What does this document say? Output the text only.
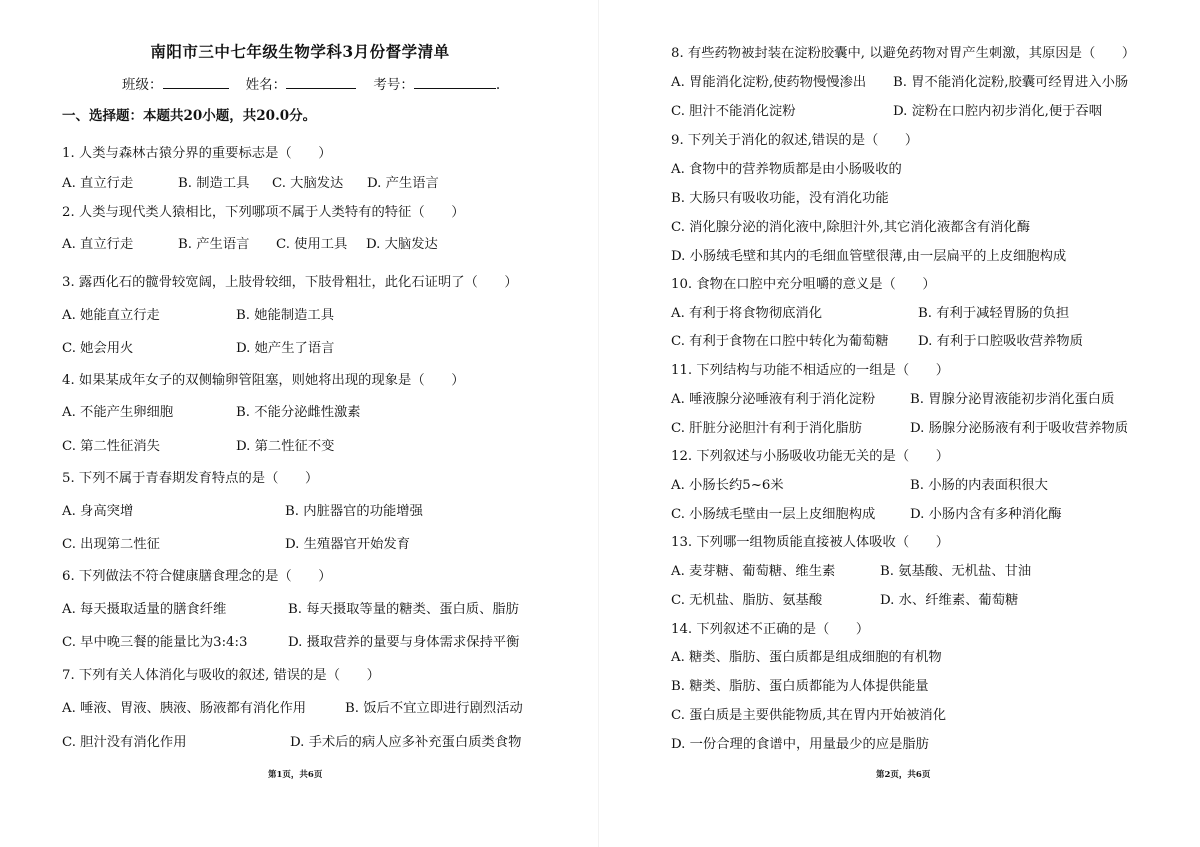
南阳市三中七年级生物学科3月份督学清单
班级：	姓名：	考号：	.
一、选择题：本题共20小题，共20.0分。
1. 人类与森林古猿分界的重要标志是（　　）
A. 直立行走	B. 制造工具 C. 大脑发达 D. 产生语言
2. 人类与现代类人猿相比，下列哪项不属于人类特有的特征（　　）
A. 直立行走	B. 产生语言 C. 使用工具 D. 大脑发达
3. 露西化石的髋骨较宽阔，上肢骨较细，下肢骨粗壮，此化石证明了（　　）
A. 她能直立行走	B. 她能制造工具
C. 她会用火	D. 她产生了语言
4. 如果某成年女子的双侧输卵管阻塞，则她将出现的现象是（　　）
A. 不能产生卵细胞	B. 不能分泌雌性激素
C. 第二性征消失	D. 第二性征不变
5. 下列不属于青春期发育特点的是（　　）
A. 身高突增	B. 内脏器官的功能增强
C. 出现第二性征	D. 生殖器官开始发育
6. 下列做法不符合健康膳食理念的是（　　）
A. 每天摄取适量的膳食纤维	B. 每天摄取等量的糖类、蛋白质、脂肪
C. 早中晚三餐的能量比为3:4:3	D. 摄取营养的量要与身体需求保持平衡
7. 下列有关人体消化与吸收的叙述, 错误的是（　　）
A. 唾液、胃液、胰液、肠液都有消化作用	B. 饭后不宜立即进行剧烈活动
C. 胆汁没有消化作用	D. 手术后的病人应多补充蛋白质类食物
第1页，共6页
8. 有些药物被封装在淀粉胶囊中, 以避免药物对胃产生刺激，其原因是（　　）
A. 胃能消化淀粉,使药物慢慢渗出 B. 胃不能消化淀粉,胶囊可经胃进入小肠
C. 胆汁不能消化淀粉	D. 淀粉在口腔内初步消化,便于吞咽
9. 下列关于消化的叙述,错误的是（　　）
A. 食物中的营养物质都是由小肠吸收的
B. 大肠只有吸收功能，没有消化功能
C. 消化腺分泌的消化液中,除胆汁外,其它消化液都含有消化酶
D. 小肠绒毛壁和其内的毛细血管壁很薄,由一层扁平的上皮细胞构成
10. 食物在口腔中充分咀嚼的意义是（　　）
A. 有利于将食物彻底消化	B. 有利于减轻胃肠的负担
C. 有利于食物在口腔中转化为葡萄糖 D. 有利于口腔吸收营养物质
11. 下列结构与功能不相适应的一组是（　　）
A. 唾液腺分泌唾液有利于消化淀粉	B. 胃腺分泌胃液能初步消化蛋白质
C. 肝脏分泌胆汁有利于消化脂肪	D. 肠腺分泌肠液有利于吸收营养物质
12. 下列叙述与小肠吸收功能无关的是（　　）
A. 小肠长约5~6米	B. 小肠的内表面积很大
C. 小肠绒毛壁由一层上皮细胞构成	D. 小肠内含有多种消化酶
13. 下列哪一组物质能直接被人体吸收（　　）
A. 麦芽糖、葡萄糖、维生素	B. 氨基酸、无机盐、甘油
C. 无机盐、脂肪、氨基酸	D. 水、纤维素、葡萄糖
14. 下列叙述不正确的是（　　）
A. 糖类、脂肪、蛋白质都是组成细胞的有机物
B. 糖类、脂肪、蛋白质都能为人体提供能量
C. 蛋白质是主要供能物质,其在胃内开始被消化
D. 一份合理的食谱中，用量最少的应是脂肪
第2页，共6页
